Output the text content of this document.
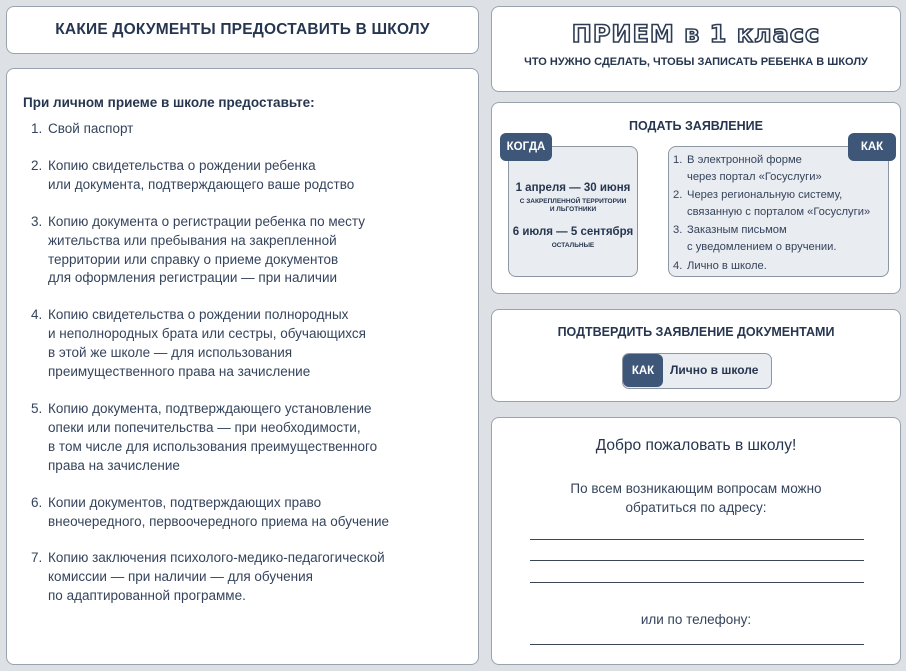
КАКИЕ ДОКУМЕНТЫ ПРЕДОСТАВИТЬ В ШКОЛУ
При личном приеме в школе предоставьте:
1. Свой паспорт
2. Копию свидетельства о рождении ребенка
или документа, подтверждающего ваше родство
3. Копию документа о регистрации ребенка по месту
жительства или пребывания на закрепленной
территории или справку о приеме документов
для оформления регистрации — при наличии
4. Копию свидетельства о рождении полнородных
и неполнородных брата или сестры, обучающихся
в этой же школе — для использования
преимущественного права на зачисление
5. Копию документа, подтверждающего установление
опеки или попечительства — при необходимости,
в том числе для использования преимущественного
права на зачисление
6. Копии документов, подтверждающих право
внеочередного, первоочередного приема на обучение
7. Копию заключения психолого-медико-педагогической
комиссии — при наличии — для обучения
по адаптированной программе.
ПРИЕМ в 1 класс
ЧТО НУЖНО СДЕЛАТЬ, ЧТОБЫ ЗАПИСАТЬ РЕБЕНКА В ШКОЛУ
ПОДАТЬ ЗАЯВЛЕНИЕ
1 апреля — 30 июня
С ЗАКРЕПЛЕННОЙ ТЕРРИТОРИИ
И ЛЬГОТНИКИ
6 июля — 5 сентября
ОСТАЛЬНЫЕ
1. В электронной форме
через портал «Госуслуги»
2. Через региональную систему,
связанную с порталом «Госуслуги»
3. Заказным письмом
с уведомлением о вручении.
4. Лично в школе.
КОГДА	КАК
ПОДТВЕРДИТЬ ЗАЯВЛЕНИЕ ДОКУМЕНТАМИ
КАК	Лично в школе
Добро пожаловать в школу!
По всем возникающим вопросам можно
обратиться по адресу:
или по телефону:
